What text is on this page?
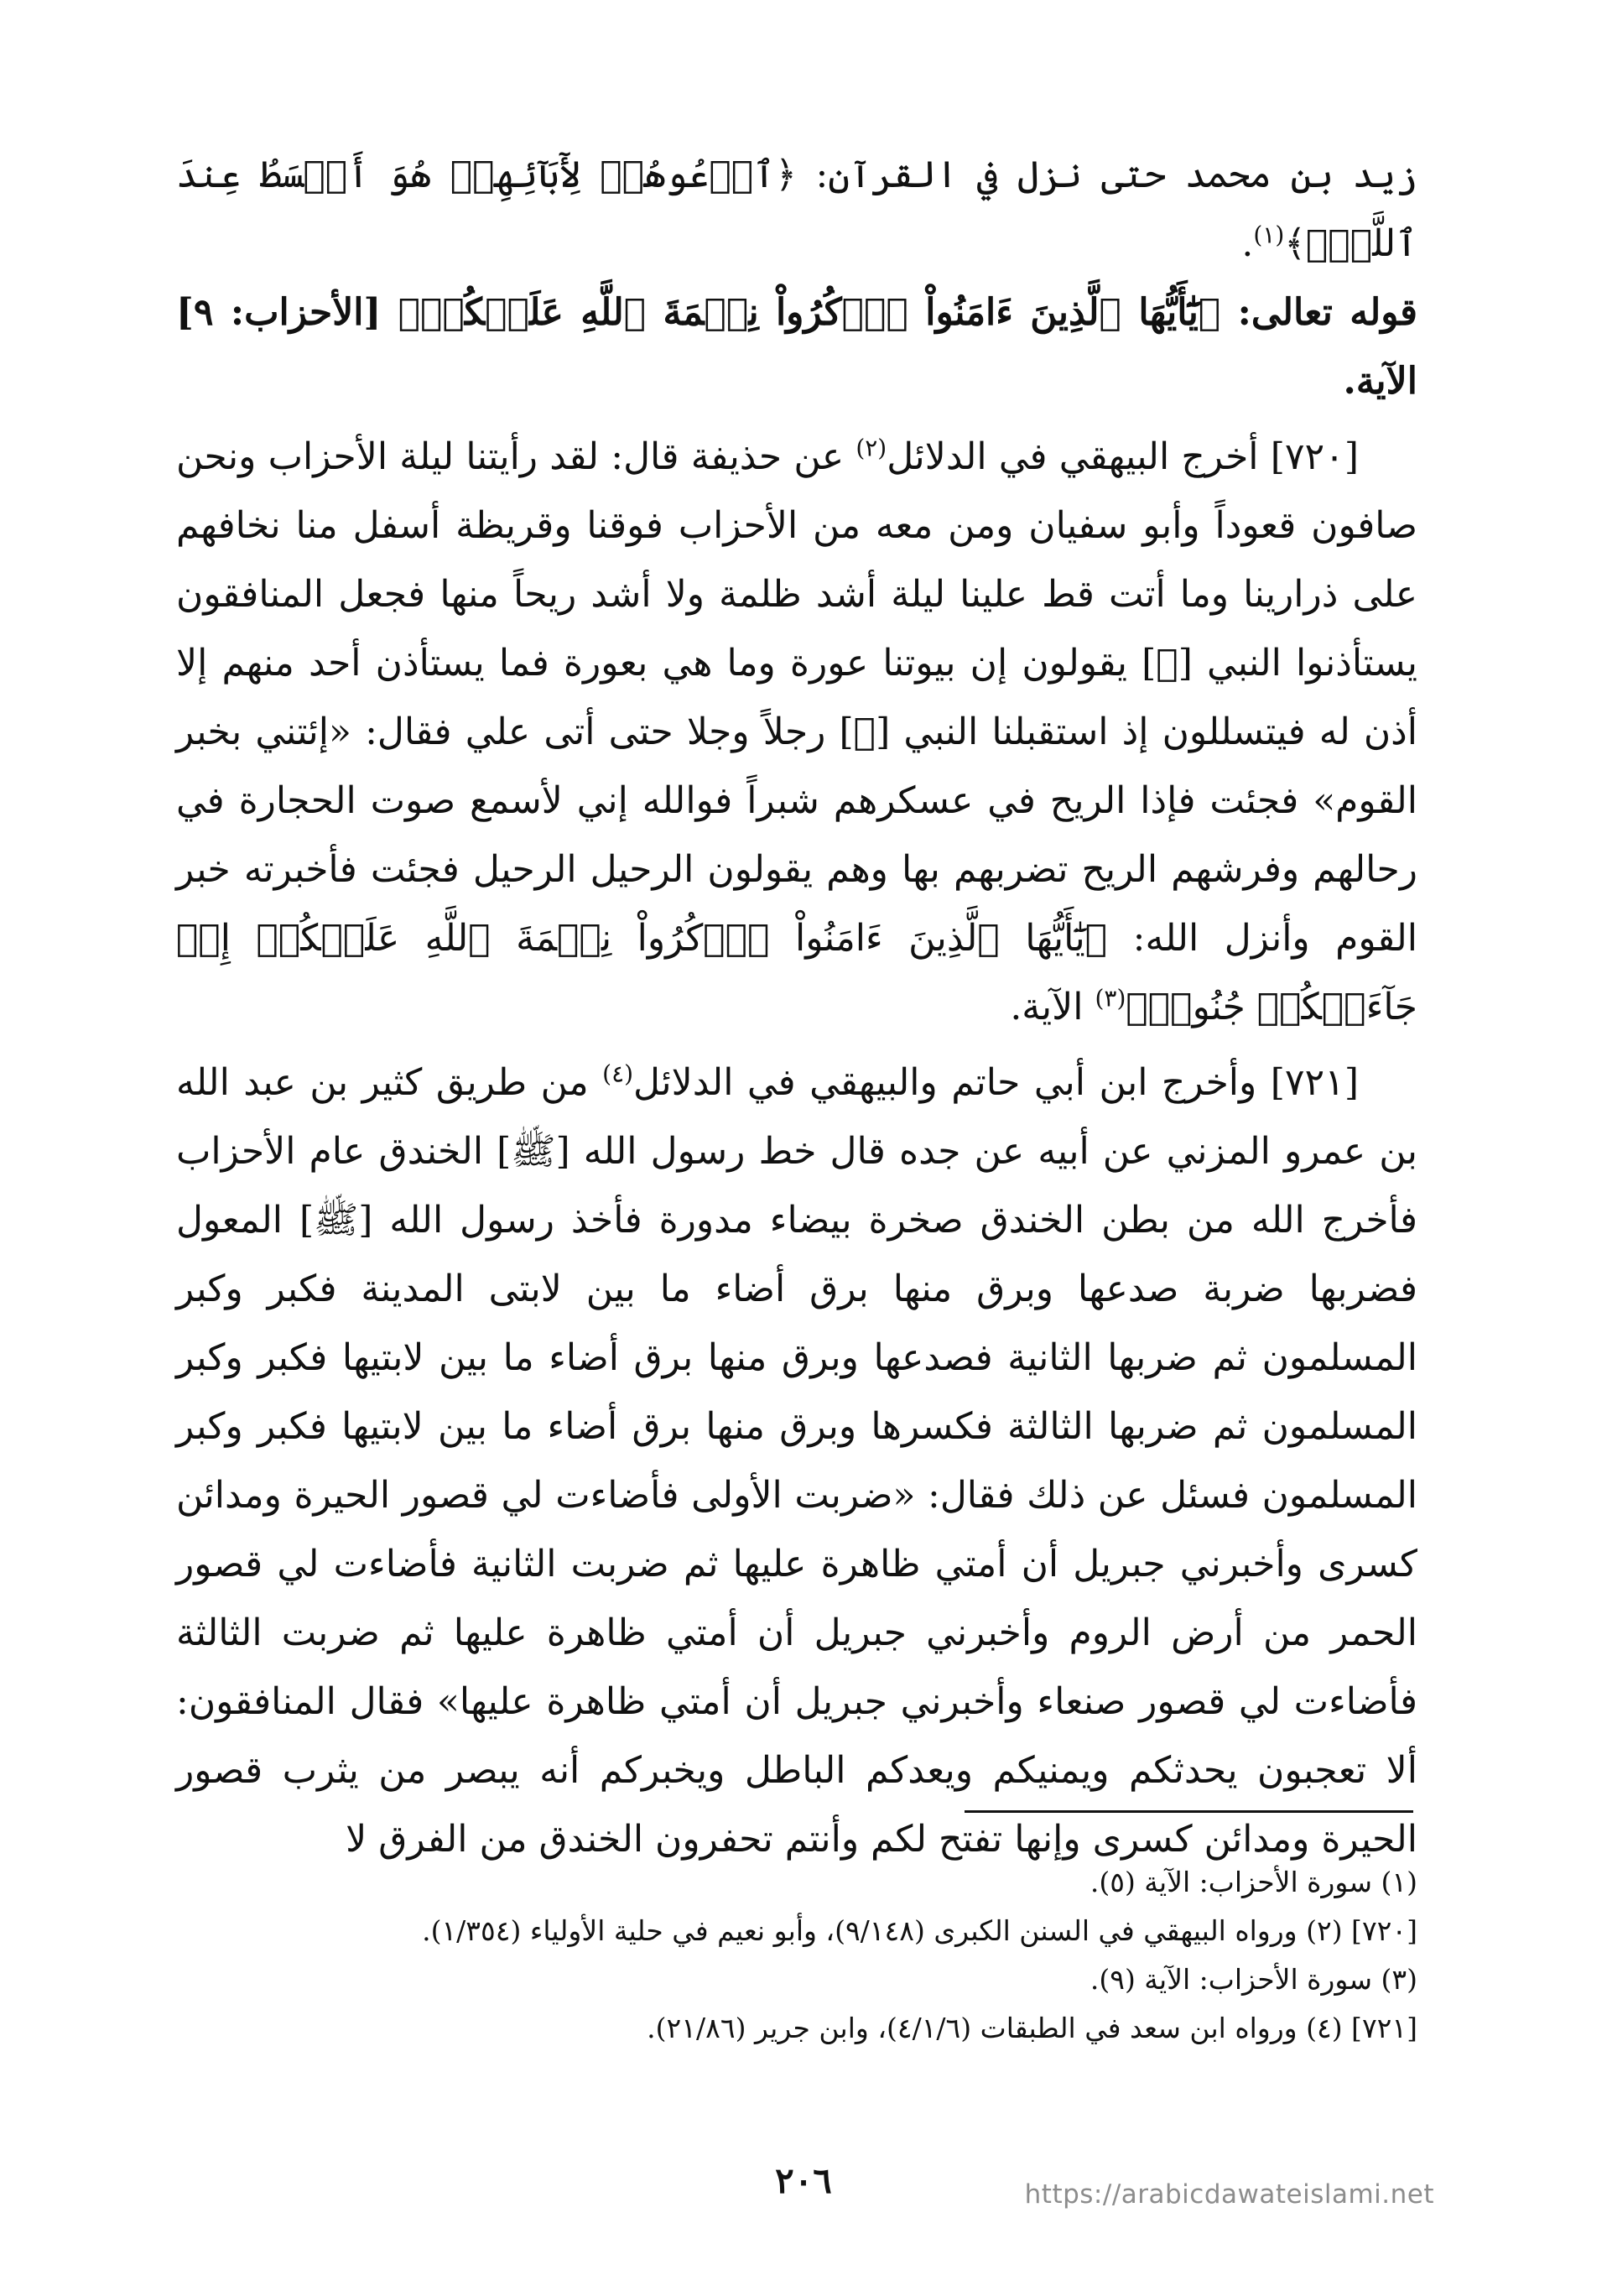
زيد بن محمد حتى نزل في القرآن: ﴿ٱدۡعُوهُمۡ لِأٓبَآئِهِمۡ هُوَ أَقۡسَطُ عِندَ ٱللَّهِۚ﴾$^{(١)}$.

قوله تعالى: ﴿يَٰٓأَيُّهَا ٱلَّذِينَ ءَامَنُواْ ٱذۡكُرُواْ نِعۡمَةَ ٱللَّهِ عَلَيۡكُمۡ﴾ [الأحزاب: ٩] الآية.

[٧٢٠] أخرج البيهقي في الدلائل$^{(٢)}$ عن حذيفة قال: لقد رأيتنا ليلة الأحزاب ونحن صافون قعوداً وأبو سفيان ومن معه من الأحزاب فوقنا وقريظة أسفل منا نخافهم على ذرارينا وما أتت قط علينا ليلة أشد ظلمة ولا أشد ريحاً منها فجعل المنافقون يستأذنوا النبي [ﷺ] يقولون إن بيوتنا عورة وما هي بعورة فما يستأذن أحد منهم إلا أذن له فيتسللون إذ استقبلنا النبي [ﷺ] رجلاً وجلا حتى أتى علي فقال: «إئتني بخبر القوم» فجئت فإذا الريح في عسكرهم شبراً فوالله إني لأسمع صوت الحجارة في رحالهم وفرشهم الريح تضربهم بها وهم يقولون الرحيل الرحيل فجئت فأخبرته خبر القوم وأنزل الله: ﴿يَٰٓأَيُّهَا ٱلَّذِينَ ءَامَنُواْ ٱذۡكُرُواْ نِعۡمَةَ ٱللَّهِ عَلَيۡكُمۡ إِذۡ جَآءَتۡكُمۡ جُنُودٞ﴾$^{(٣)}$ الآية.

[٧٢١] وأخرج ابن أبي حاتم والبيهقي في الدلائل$^{(٤)}$ من طريق كثير بن عبد الله بن عمرو المزني عن أبيه عن جده قال خط رسول الله [ﷺ] الخندق عام الأحزاب فأخرج الله من بطن الخندق صخرة بيضاء مدورة فأخذ رسول الله [ﷺ] المعول فضربها ضربة صدعها وبرق منها برق أضاء ما بين لابتى المدينة فكبر وكبر المسلمون ثم ضربها الثانية فصدعها وبرق منها برق أضاء ما بين لابتيها فكبر وكبر المسلمون ثم ضربها الثالثة فكسرها وبرق منها برق أضاء ما بين لابتيها فكبر وكبر المسلمون فسئل عن ذلك فقال: «ضربت الأولى فأضاءت لي قصور الحيرة ومدائن كسرى وأخبرني جبريل أن أمتي ظاهرة عليها ثم ضربت الثانية فأضاءت لي قصور الحمر من أرض الروم وأخبرني جبريل أن أمتي ظاهرة عليها ثم ضربت الثالثة فأضاءت لي قصور صنعاء وأخبرني جبريل أن أمتي ظاهرة عليها» فقال المنافقون: ألا تعجبون يحدثكم ويمنيكم ويعدكم الباطل ويخبركم أنه يبصر من يثرب قصور الحيرة ومدائن كسرى وإنها تفتح لكم وأنتم تحفرون الخندق من الفرق لا

(١) سورة الأحزاب: الآية (٥).

[٧٢٠] (٢) ورواه البيهقي في السنن الكبرى (٩/١٤٨)، وأبو نعيم في حلية الأولياء (١/٣٥٤).

(٣) سورة الأحزاب: الآية (٩).

[٧٢١] (٤) ورواه ابن سعد في الطبقات (٤/١/٦)، وابن جرير (٢١/٨٦).

٢٠٦	https://arabicdawateislami.net
